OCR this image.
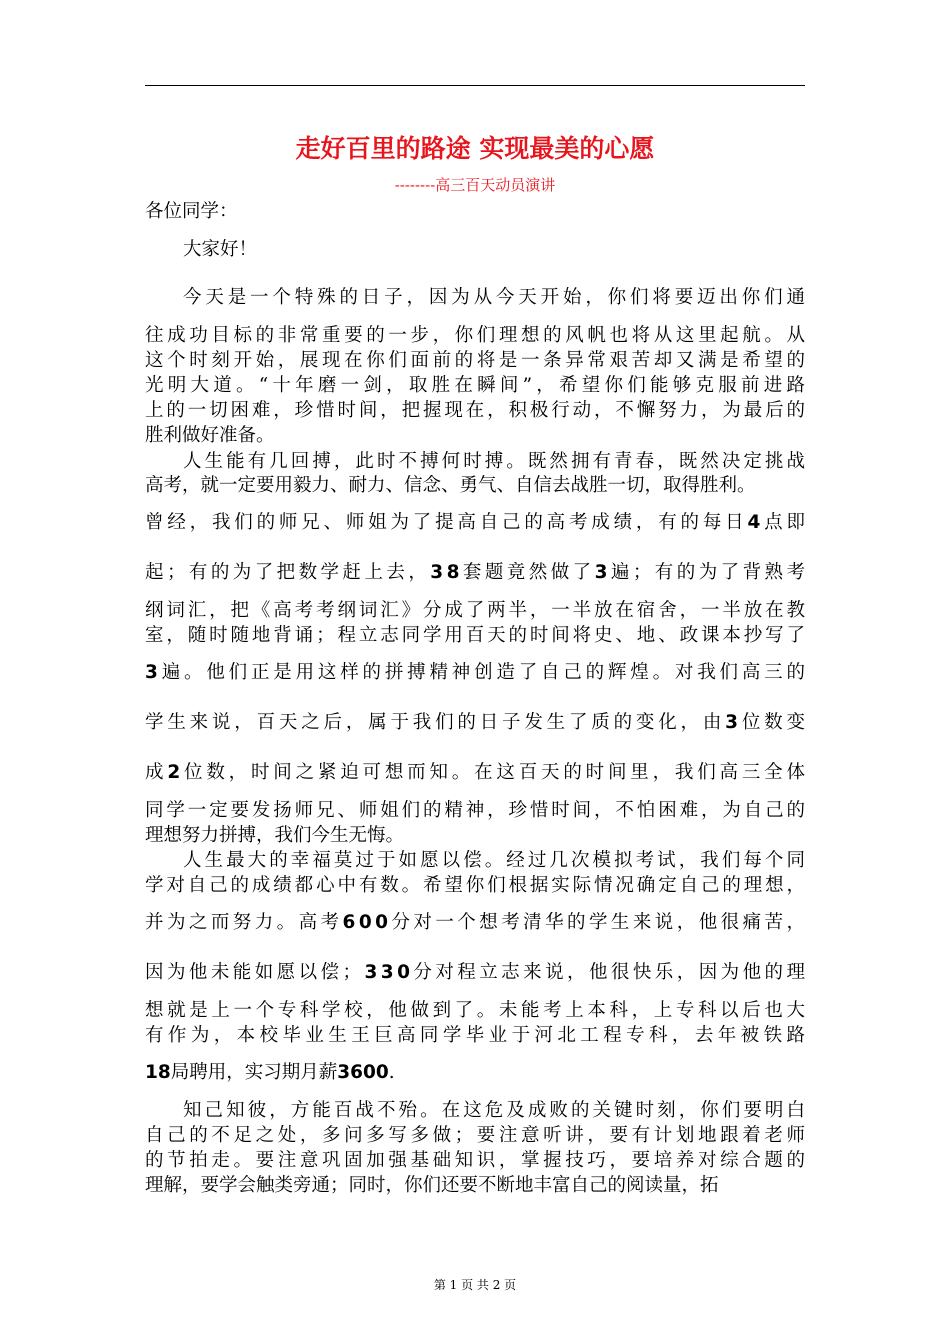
走好百里的路途 实现最美的心愿
--------高三百天动员演讲
各位同学：
大家好！
今天是一个特殊的日子，因为从今天开始，你们将要迈出你们通
往成功目标的非常重要的一步，你们理想的风帆也将从这里起航。从
这个时刻开始，展现在你们面前的将是一条异常艰苦却又满是希望的
光明大道。“十年磨一剑，取胜在瞬间”，希望你们能够克服前进路
上的一切困难，珍惜时间，把握现在，积极行动，不懈努力，为最后的
胜利做好准备。
人生能有几回搏，此时不搏何时搏。既然拥有青春，既然决定挑战
高考，就一定要用毅力、耐力、信念、勇气、自信去战胜一切，取得胜利。
曾经，我们的师兄、师姐为了提高自己的高考成绩，有的每日4点即
起；有的为了把数学赶上去，38套题竟然做了3遍；有的为了背熟考
纲词汇，把《高考考纲词汇》分成了两半，一半放在宿舍，一半放在教
室，随时随地背诵；程立志同学用百天的时间将史、地、政课本抄写了
3遍。他们正是用这样的拼搏精神创造了自己的辉煌。对我们高三的
学生来说，百天之后，属于我们的日子发生了质的变化，由3位数变
成2位数，时间之紧迫可想而知。在这百天的时间里，我们高三全体
同学一定要发扬师兄、师姐们的精神，珍惜时间，不怕困难，为自己的
理想努力拼搏，我们今生无悔。
人生最大的幸福莫过于如愿以偿。经过几次模拟考试，我们每个同
学对自己的成绩都心中有数。希望你们根据实际情况确定自己的理想，
并为之而努力。高考600分对一个想考清华的学生来说，他很痛苦，
因为他未能如愿以偿；330分对程立志来说，他很快乐，因为他的理
想就是上一个专科学校，他做到了。未能考上本科，上专科以后也大
有作为，本校毕业生王巨高同学毕业于河北工程专科，去年被铁路
18局聘用，实习期月薪3600.
知己知彼，方能百战不殆。在这危及成败的关键时刻，你们要明白
自己的不足之处，多问多写多做；要注意听讲，要有计划地跟着老师
的节拍走。要注意巩固加强基础知识，掌握技巧，要培养对综合题的
理解，要学会触类旁通；同时，你们还要不断地丰富自己的阅读量，拓
第 1 页 共 2 页
